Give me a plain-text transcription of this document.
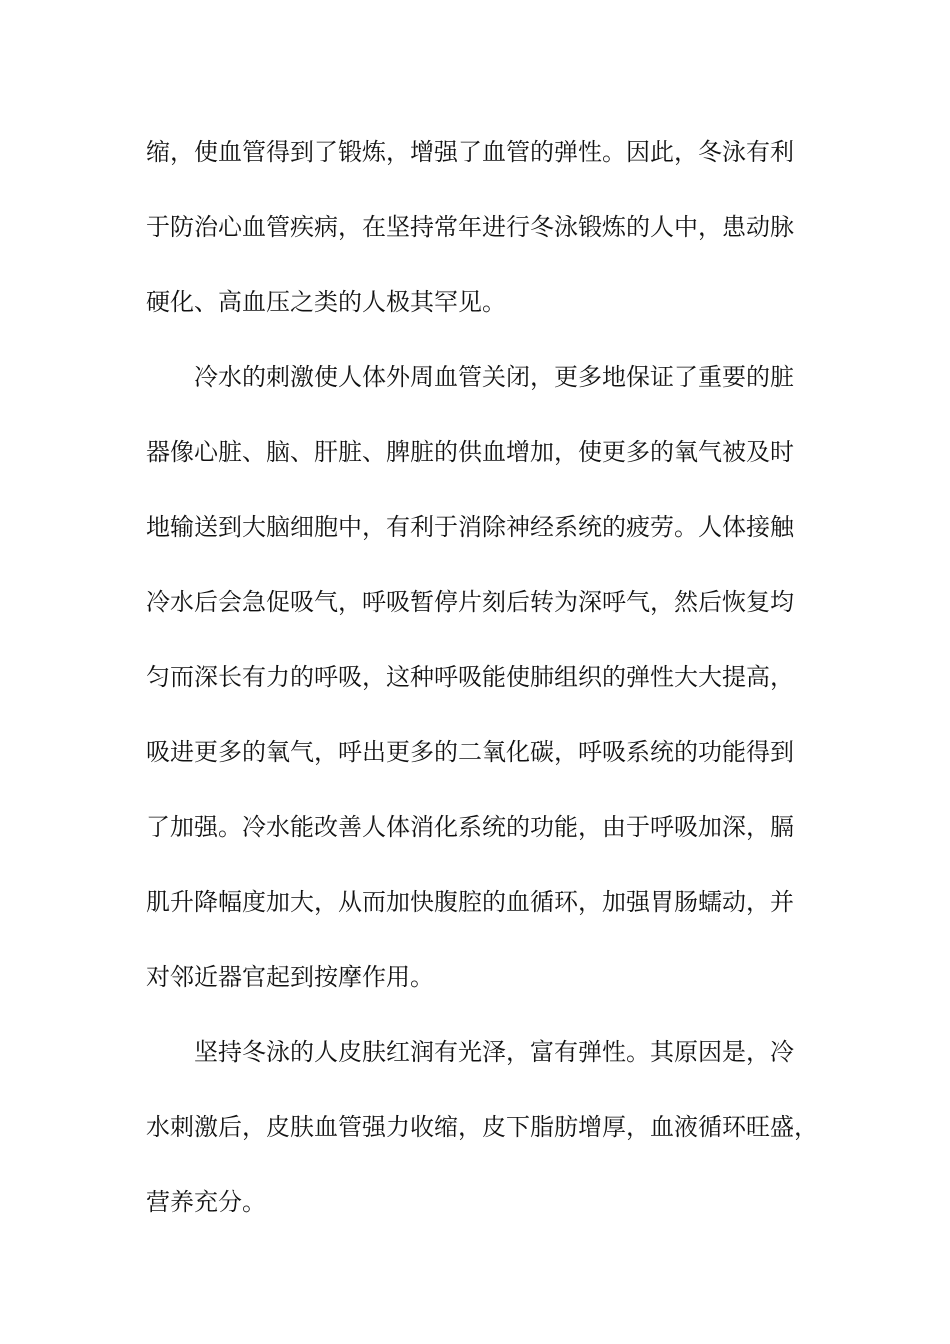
缩，使血管得到了锻炼，增强了血管的弹性。因此，冬泳有利
于防治心血管疾病，在坚持常年进行冬泳锻炼的人中，患动脉
硬化、高血压之类的人极其罕见。
冷水的刺激使人体外周血管关闭，更多地保证了重要的脏
器像心脏、脑、肝脏、脾脏的供血增加，使更多的氧气被及时
地输送到大脑细胞中，有利于消除神经系统的疲劳。人体接触
冷水后会急促吸气，呼吸暂停片刻后转为深呼气，然后恢复均
匀而深长有力的呼吸，这种呼吸能使肺组织的弹性大大提高，
吸进更多的氧气，呼出更多的二氧化碳，呼吸系统的功能得到
了加强。冷水能改善人体消化系统的功能，由于呼吸加深，膈
肌升降幅度加大，从而加快腹腔的血循环，加强胃肠蠕动，并
对邻近器官起到按摩作用。
坚持冬泳的人皮肤红润有光泽，富有弹性。其原因是，冷
水刺激后，皮肤血管强力收缩，皮下脂肪增厚，血液循环旺盛，
营养充分。
